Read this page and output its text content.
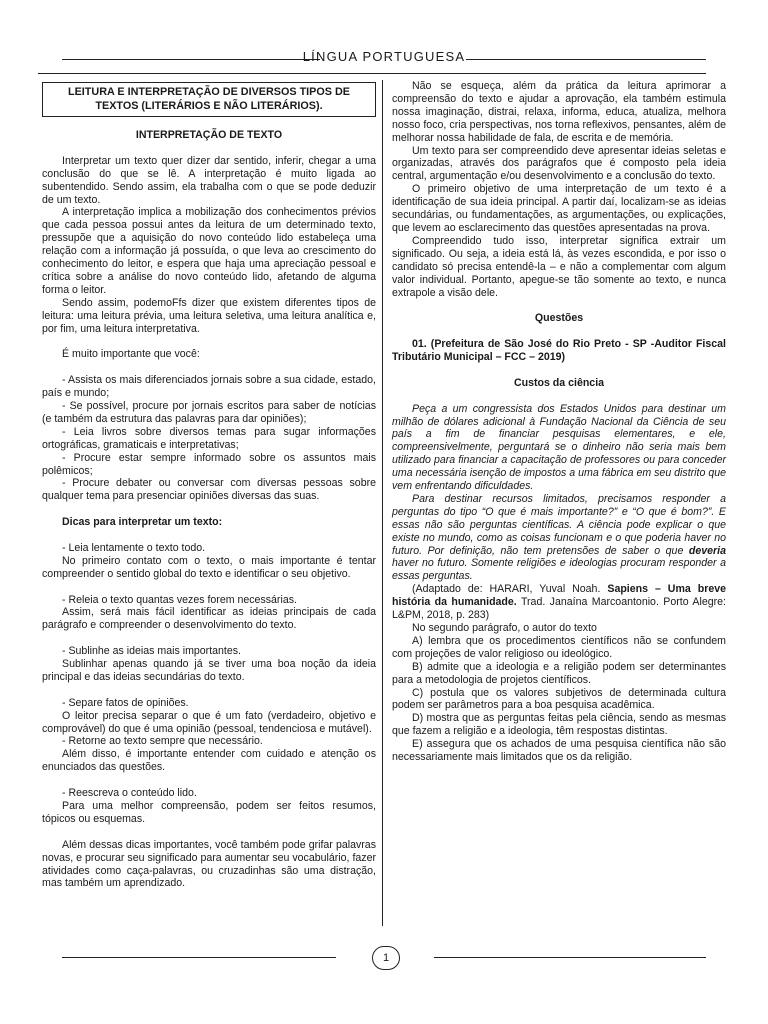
LÍNGUA PORTUGUESA
LEITURA E INTERPRETAÇÃO DE DIVERSOS TIPOS DE TEXTOS (LITERÁRIOS E NÃO LITERÁRIOS).

INTERPRETAÇÃO DE TEXTO

Interpretar um texto quer dizer dar sentido, inferir, chegar a uma conclusão do que se lê. A interpretação é muito ligada ao subentendido. Sendo assim, ela trabalha com o que se pode deduzir de um texto.

A interpretação implica a mobilização dos conhecimentos prévios que cada pessoa possui antes da leitura de um determinado texto, pressupõe que a aquisição do novo conteúdo lido estabeleça uma relação com a informação já possuída, o que leva ao crescimento do conhecimento do leitor, e espera que haja uma apreciação pessoal e crítica sobre a análise do novo conteúdo lido, afetando de alguma forma o leitor.

Sendo assim, podemoFfs dizer que existem diferentes tipos de leitura: uma leitura prévia, uma leitura seletiva, uma leitura analítica e, por fim, uma leitura interpretativa.

É muito importante que você:

- Assista os mais diferenciados jornais sobre a sua cidade, estado, país e mundo;

- Se possível, procure por jornais escritos para saber de notícias (e também da estrutura das palavras para dar opiniões);

- Leia livros sobre diversos temas para sugar informações ortográficas, gramaticais e interpretativas;

- Procure estar sempre informado sobre os assuntos mais polêmicos;

- Procure debater ou conversar com diversas pessoas sobre qualquer tema para presenciar opiniões diversas das suas.

Dicas para interpretar um texto:

- Leia lentamente o texto todo.

No primeiro contato com o texto, o mais importante é tentar compreender o sentido global do texto e identificar o seu objetivo.

- Releia o texto quantas vezes forem necessárias.

Assim, será mais fácil identificar as ideias principais de cada parágrafo e compreender o desenvolvimento do texto.

- Sublinhe as ideias mais importantes.

Sublinhar apenas quando já se tiver uma boa noção da ideia principal e das ideias secundárias do texto.

- Separe fatos de opiniões.

O leitor precisa separar o que é um fato (verdadeiro, objetivo e comprovável) do que é uma opinião (pessoal, tendenciosa e mutável).

- Retorne ao texto sempre que necessário.

Além disso, é importante entender com cuidado e atenção os enunciados das questões.

- Reescreva o conteúdo lido.

Para uma melhor compreensão, podem ser feitos resumos, tópicos ou esquemas.

Além dessas dicas importantes, você também pode grifar palavras novas, e procurar seu significado para aumentar seu vocabulário, fazer atividades como caça-palavras, ou cruzadinhas são uma distração, mas também um aprendizado.

Não se esqueça, além da prática da leitura aprimorar a compreensão do texto e ajudar a aprovação, ela também estimula nossa imaginação, distrai, relaxa, informa, educa, atualiza, melhora nosso foco, cria perspectivas, nos torna reflexivos, pensantes, além de melhorar nossa habilidade de fala, de escrita e de memória.

Um texto para ser compreendido deve apresentar ideias seletas e organizadas, através dos parágrafos que é composto pela ideia central, argumentação e/ou desenvolvimento e a conclusão do texto.

O primeiro objetivo de uma interpretação de um texto é a identificação de sua ideia principal. A partir daí, localizam-se as ideias secundárias, ou fundamentações, as argumentações, ou explicações, que levem ao esclarecimento das questões apresentadas na prova.

Compreendido tudo isso, interpretar significa extrair um significado. Ou seja, a ideia está lá, às vezes escondida, e por isso o candidato só precisa entendê-la – e não a complementar com algum valor individual. Portanto, apegue-se tão somente ao texto, e nunca extrapole a visão dele.

Questões

01. (Prefeitura de São José do Rio Preto - SP -Auditor Fiscal Tributário Municipal – FCC – 2019)

Custos da ciência

Peça a um congressista dos Estados Unidos para destinar um milhão de dólares adicional à Fundação Nacional da Ciência de seu país a fim de financiar pesquisas elementares, e ele, compreensivelmente, perguntará se o dinheiro não seria mais bem utilizado para financiar a capacitação de professores ou para conceder uma necessária isenção de impostos a uma fábrica em seu distrito que vem enfrentando dificuldades.

Para destinar recursos limitados, precisamos responder a perguntas do tipo “O que é mais importante?” e “O que é bom?”. E essas não são perguntas científicas. A ciência pode explicar o que existe no mundo, como as coisas funcionam e o que poderia haver no futuro. Por definição, não tem pretensões de saber o que deveria haver no futuro. Somente religiões e ideologias procuram responder a essas perguntas.

(Adaptado de: HARARI, Yuval Noah. Sapiens – Uma breve história da humanidade. Trad. Janaína Marcoantonio. Porto Alegre: L&PM, 2018, p. 283)

No segundo parágrafo, o autor do texto

A) lembra que os procedimentos científicos não se confundem com projeções de valor religioso ou ideológico.

B) admite que a ideologia e a religião podem ser determinantes para a metodologia de projetos científicos.

C) postula que os valores subjetivos de determinada cultura podem ser parâmetros para a boa pesquisa acadêmica.

D) mostra que as perguntas feitas pela ciência, sendo as mesmas que fazem a religião e a ideologia, têm respostas distintas.

E) assegura que os achados de uma pesquisa científica não são necessariamente mais limitados que os da religião.

1
